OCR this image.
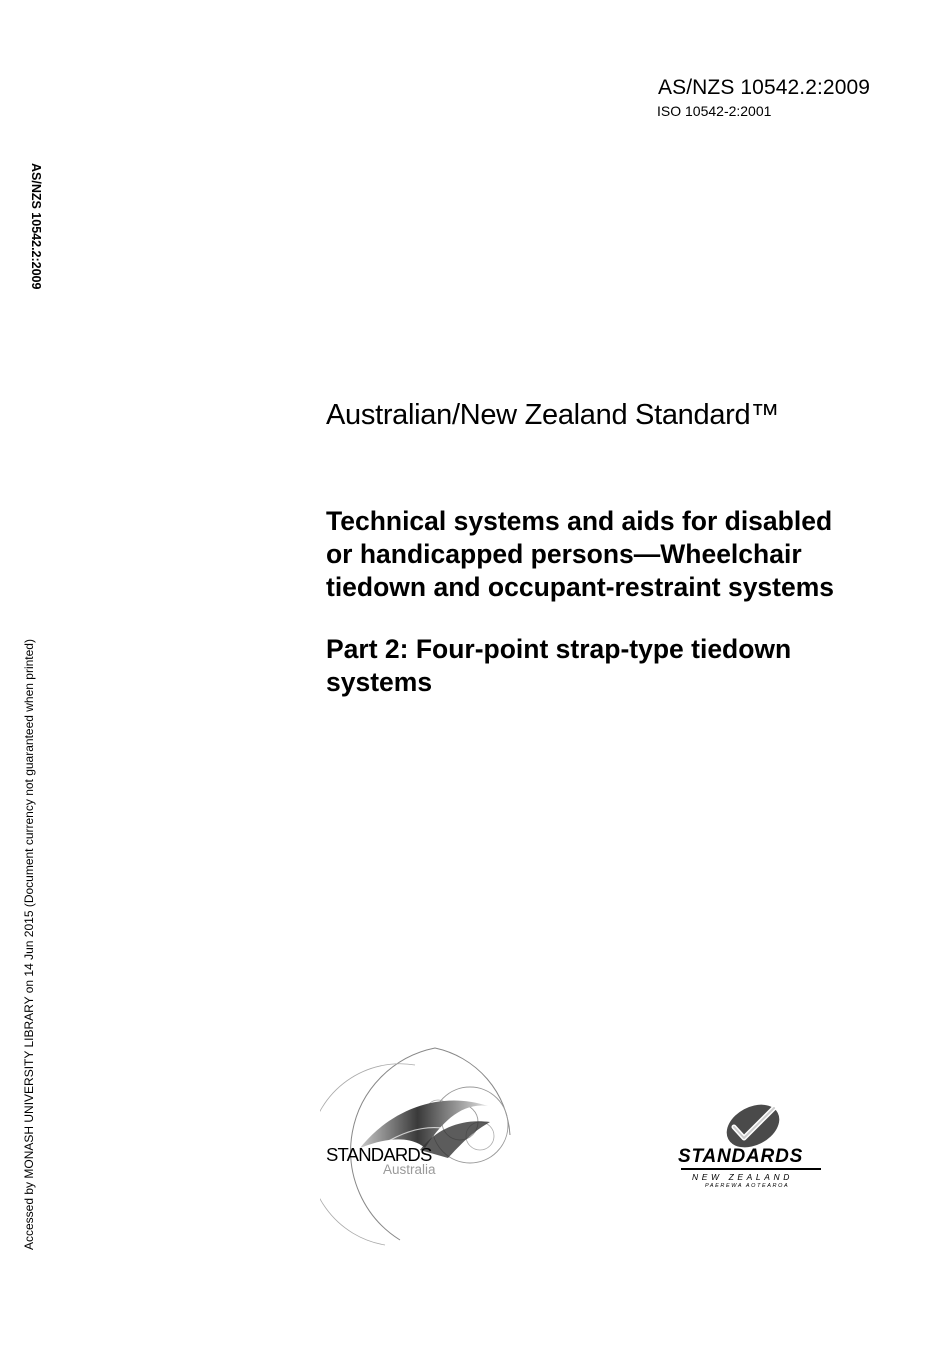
AS/NZS 10542.2:2009
ISO 10542-2:2001
AS/NZS 10542.2:2009
Accessed by MONASH UNIVERSITY LIBRARY on 14 Jun 2015 (Document currency not guaranteed when printed)
Australian/New Zealand Standard™
Technical systems and aids for disabled
or handicapped persons—Wheelchair
tiedown and occupant-restraint systems
Part 2: Four-point strap-type tiedown
systems
STANDARDS
Australia
STANDARDS
NEW ZEALAND
PAEREWA AOTEAROA
